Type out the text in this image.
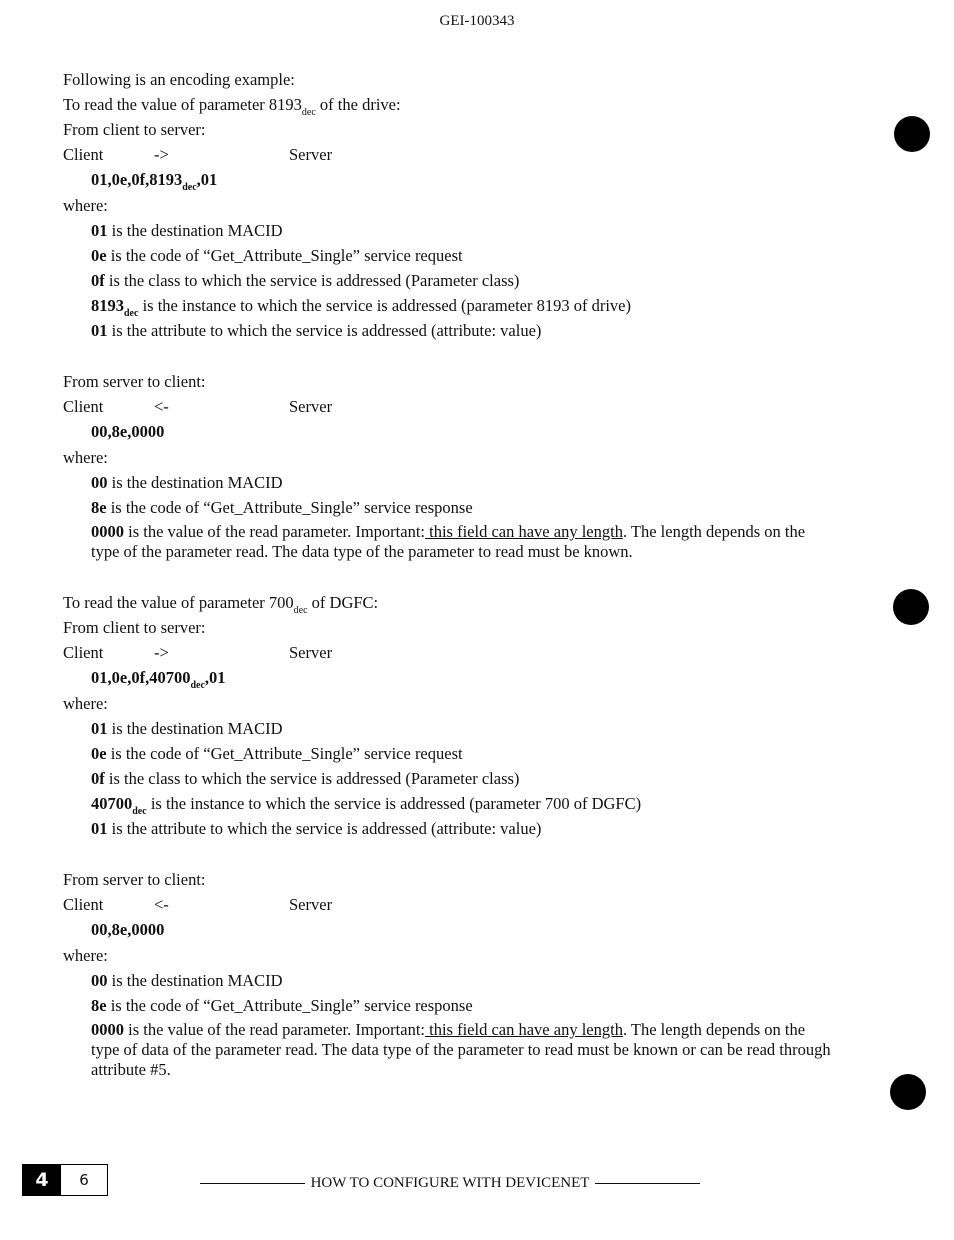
GEI-100343
Following is an encoding example:
To read the value of parameter $8193_{dec}$ of the drive:
From client to server:
Client	->	Server
$01,0e,0f,8193_{dec},01$
where:
01 is the destination MACID
0e is the code of “Get_Attribute_Single” service request
0f is the class to which the service is addressed (Parameter class)
$8193_{dec}$ is the instance to which the service is addressed (parameter 8193 of drive)
01 is the attribute to which the service is addressed (attribute: value)
From server to client:
Client	<-	Server
00,8e,0000
where:
00 is the destination MACID
8e is the code of “Get_Attribute_Single” service response
0000 is the value of the read parameter. Important: this field can have any length. The length depends on the type of the parameter read. The data type of the parameter to read must be known.
To read the value of parameter $700_{dec}$ of DGFC:
From client to server:
Client	->	Server
$01,0e,0f,40700_{dec},01$
where:
01 is the destination MACID
0e is the code of “Get_Attribute_Single” service request
0f is the class to which the service is addressed (Parameter class)
$40700_{dec}$ is the instance to which the service is addressed (parameter 700 of DGFC)
01 is the attribute to which the service is addressed (attribute: value)
From server to client:
Client	<-	Server
00,8e,0000
where:
00 is the destination MACID
8e is the code of “Get_Attribute_Single” service response
0000 is the value of the read parameter. Important: this field can have any length. The length depends on the type of data of the parameter read. The data type of the parameter to read must be known or can be read through attribute #5.
4	6	HOW TO CONFIGURE WITH DEVICENET
